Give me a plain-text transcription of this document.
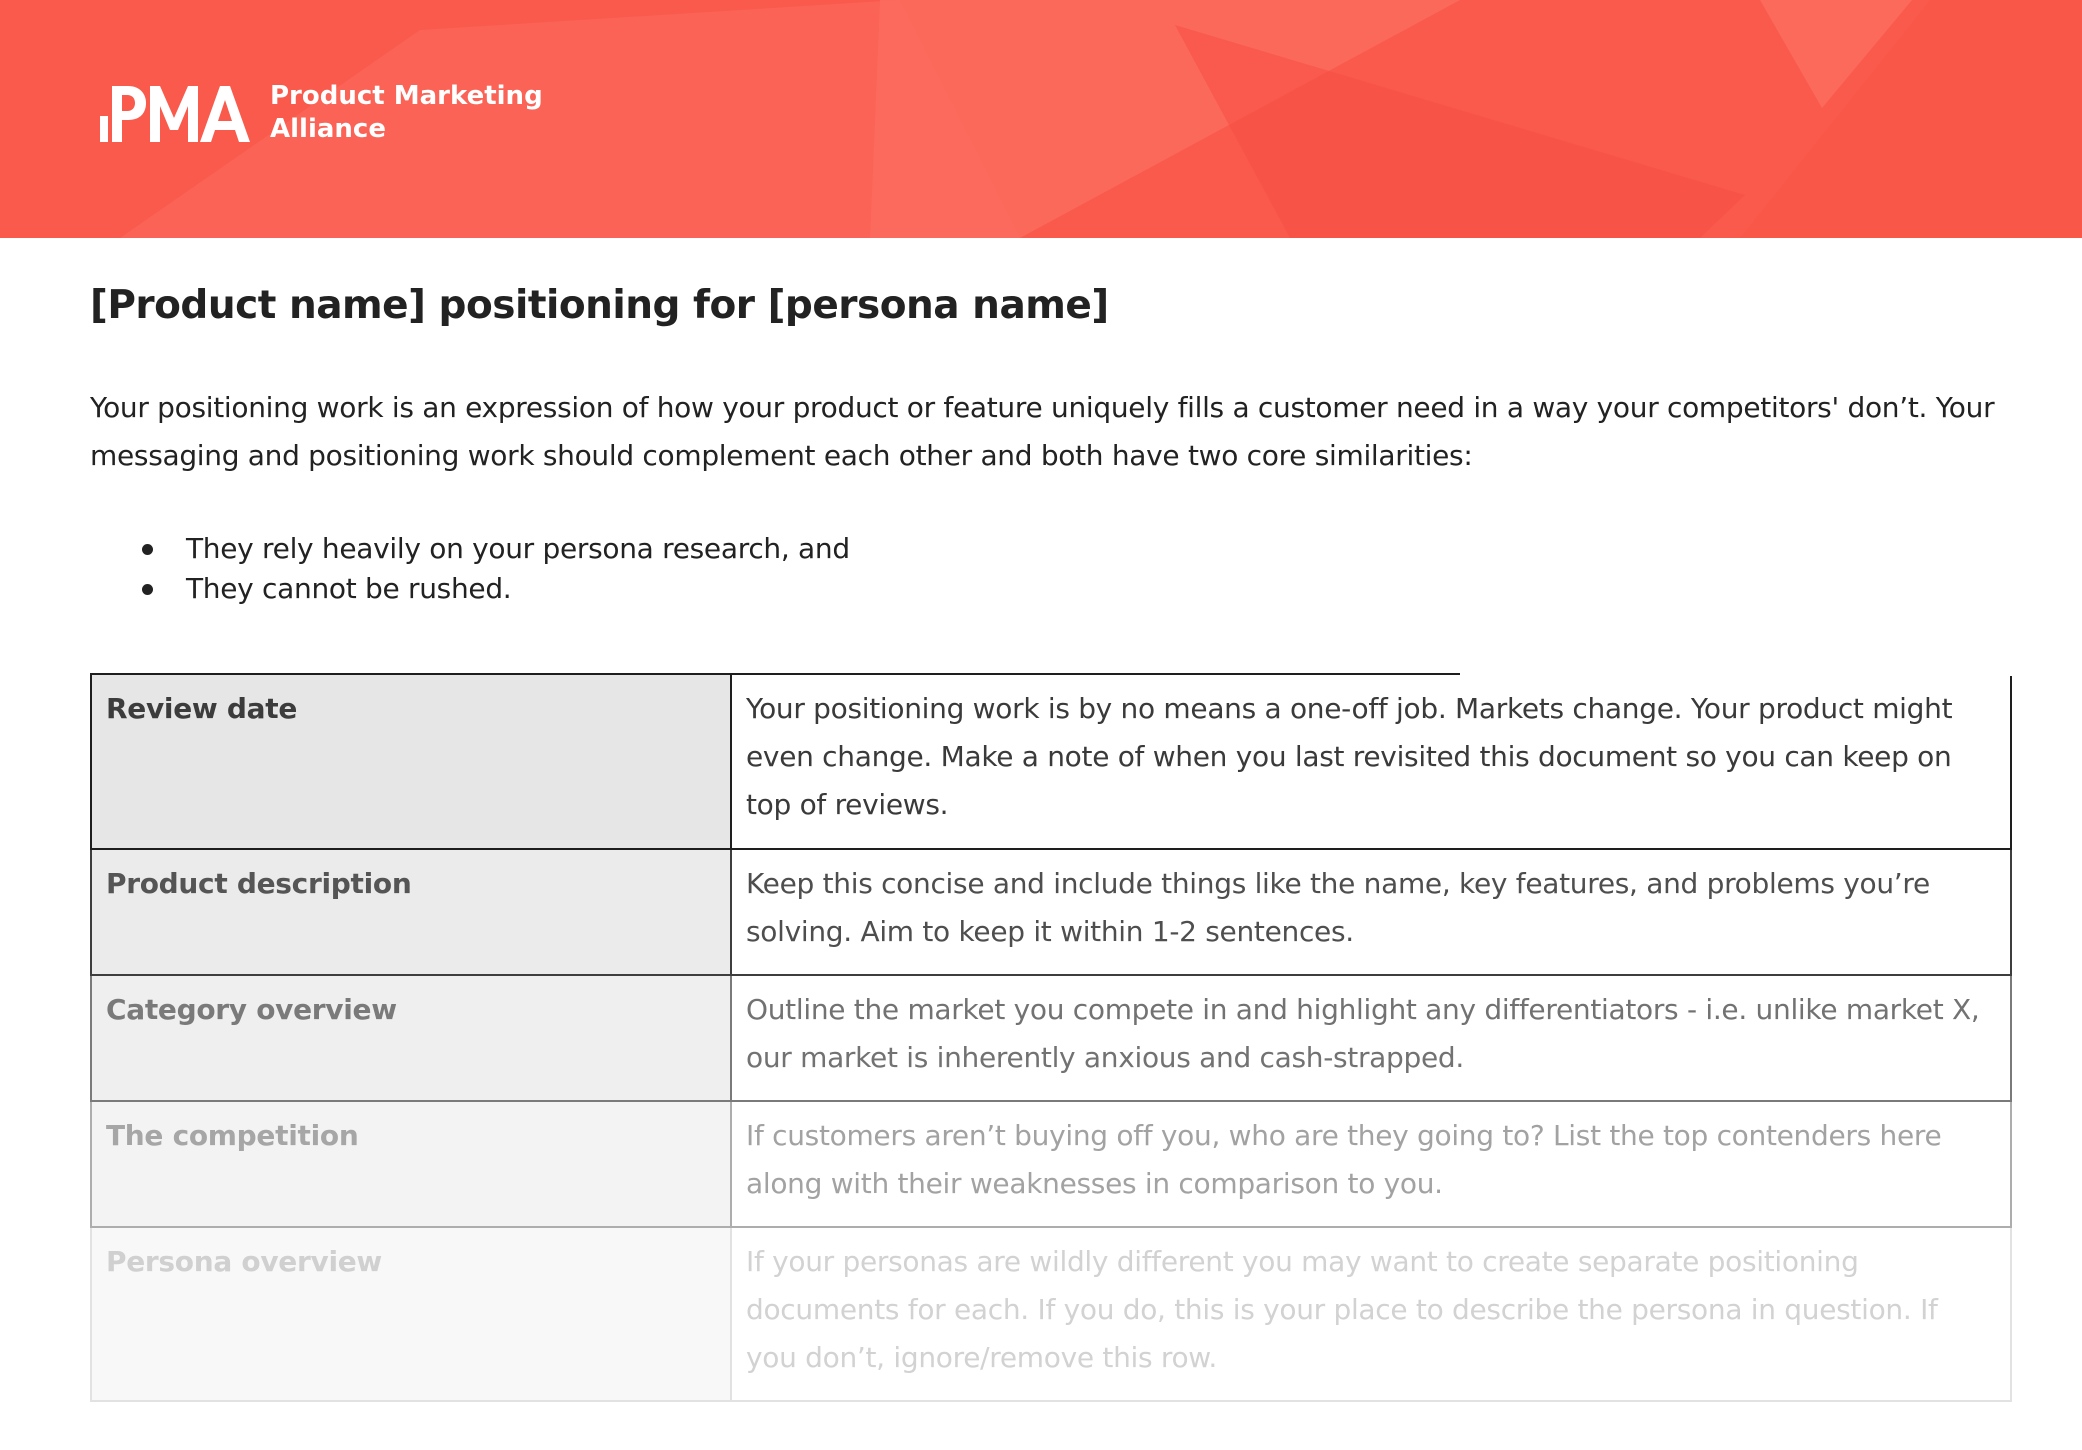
Product Marketing
Alliance
[Product name] positioning for [persona name]

Your positioning work is an expression of how your product or feature uniquely fills a customer need in a way your competitors' don’t. Your messaging and positioning work should complement each other and both have two core similarities:

They rely heavily on your persona research, and
They cannot be rushed.
Review date	Your positioning work is by no means a one-off job. Markets change. Your product might even change. Make a note of when you last revisited this document so you can keep on top of reviews.
Product description	Keep this concise and include things like the name, key features, and problems you’re solving. Aim to keep it within 1-2 sentences.
Category overview	Outline the market you compete in and highlight any differentiators - i.e. unlike market X, our market is inherently anxious and cash-strapped.
The competition	If customers aren’t buying off you, who are they going to? List the top contenders here along with their weaknesses in comparison to you.
Persona overview	If your personas are wildly different you may want to create separate positioning documents for each. If you do, this is your place to describe the persona in question. If you don’t, ignore/remove this row.
